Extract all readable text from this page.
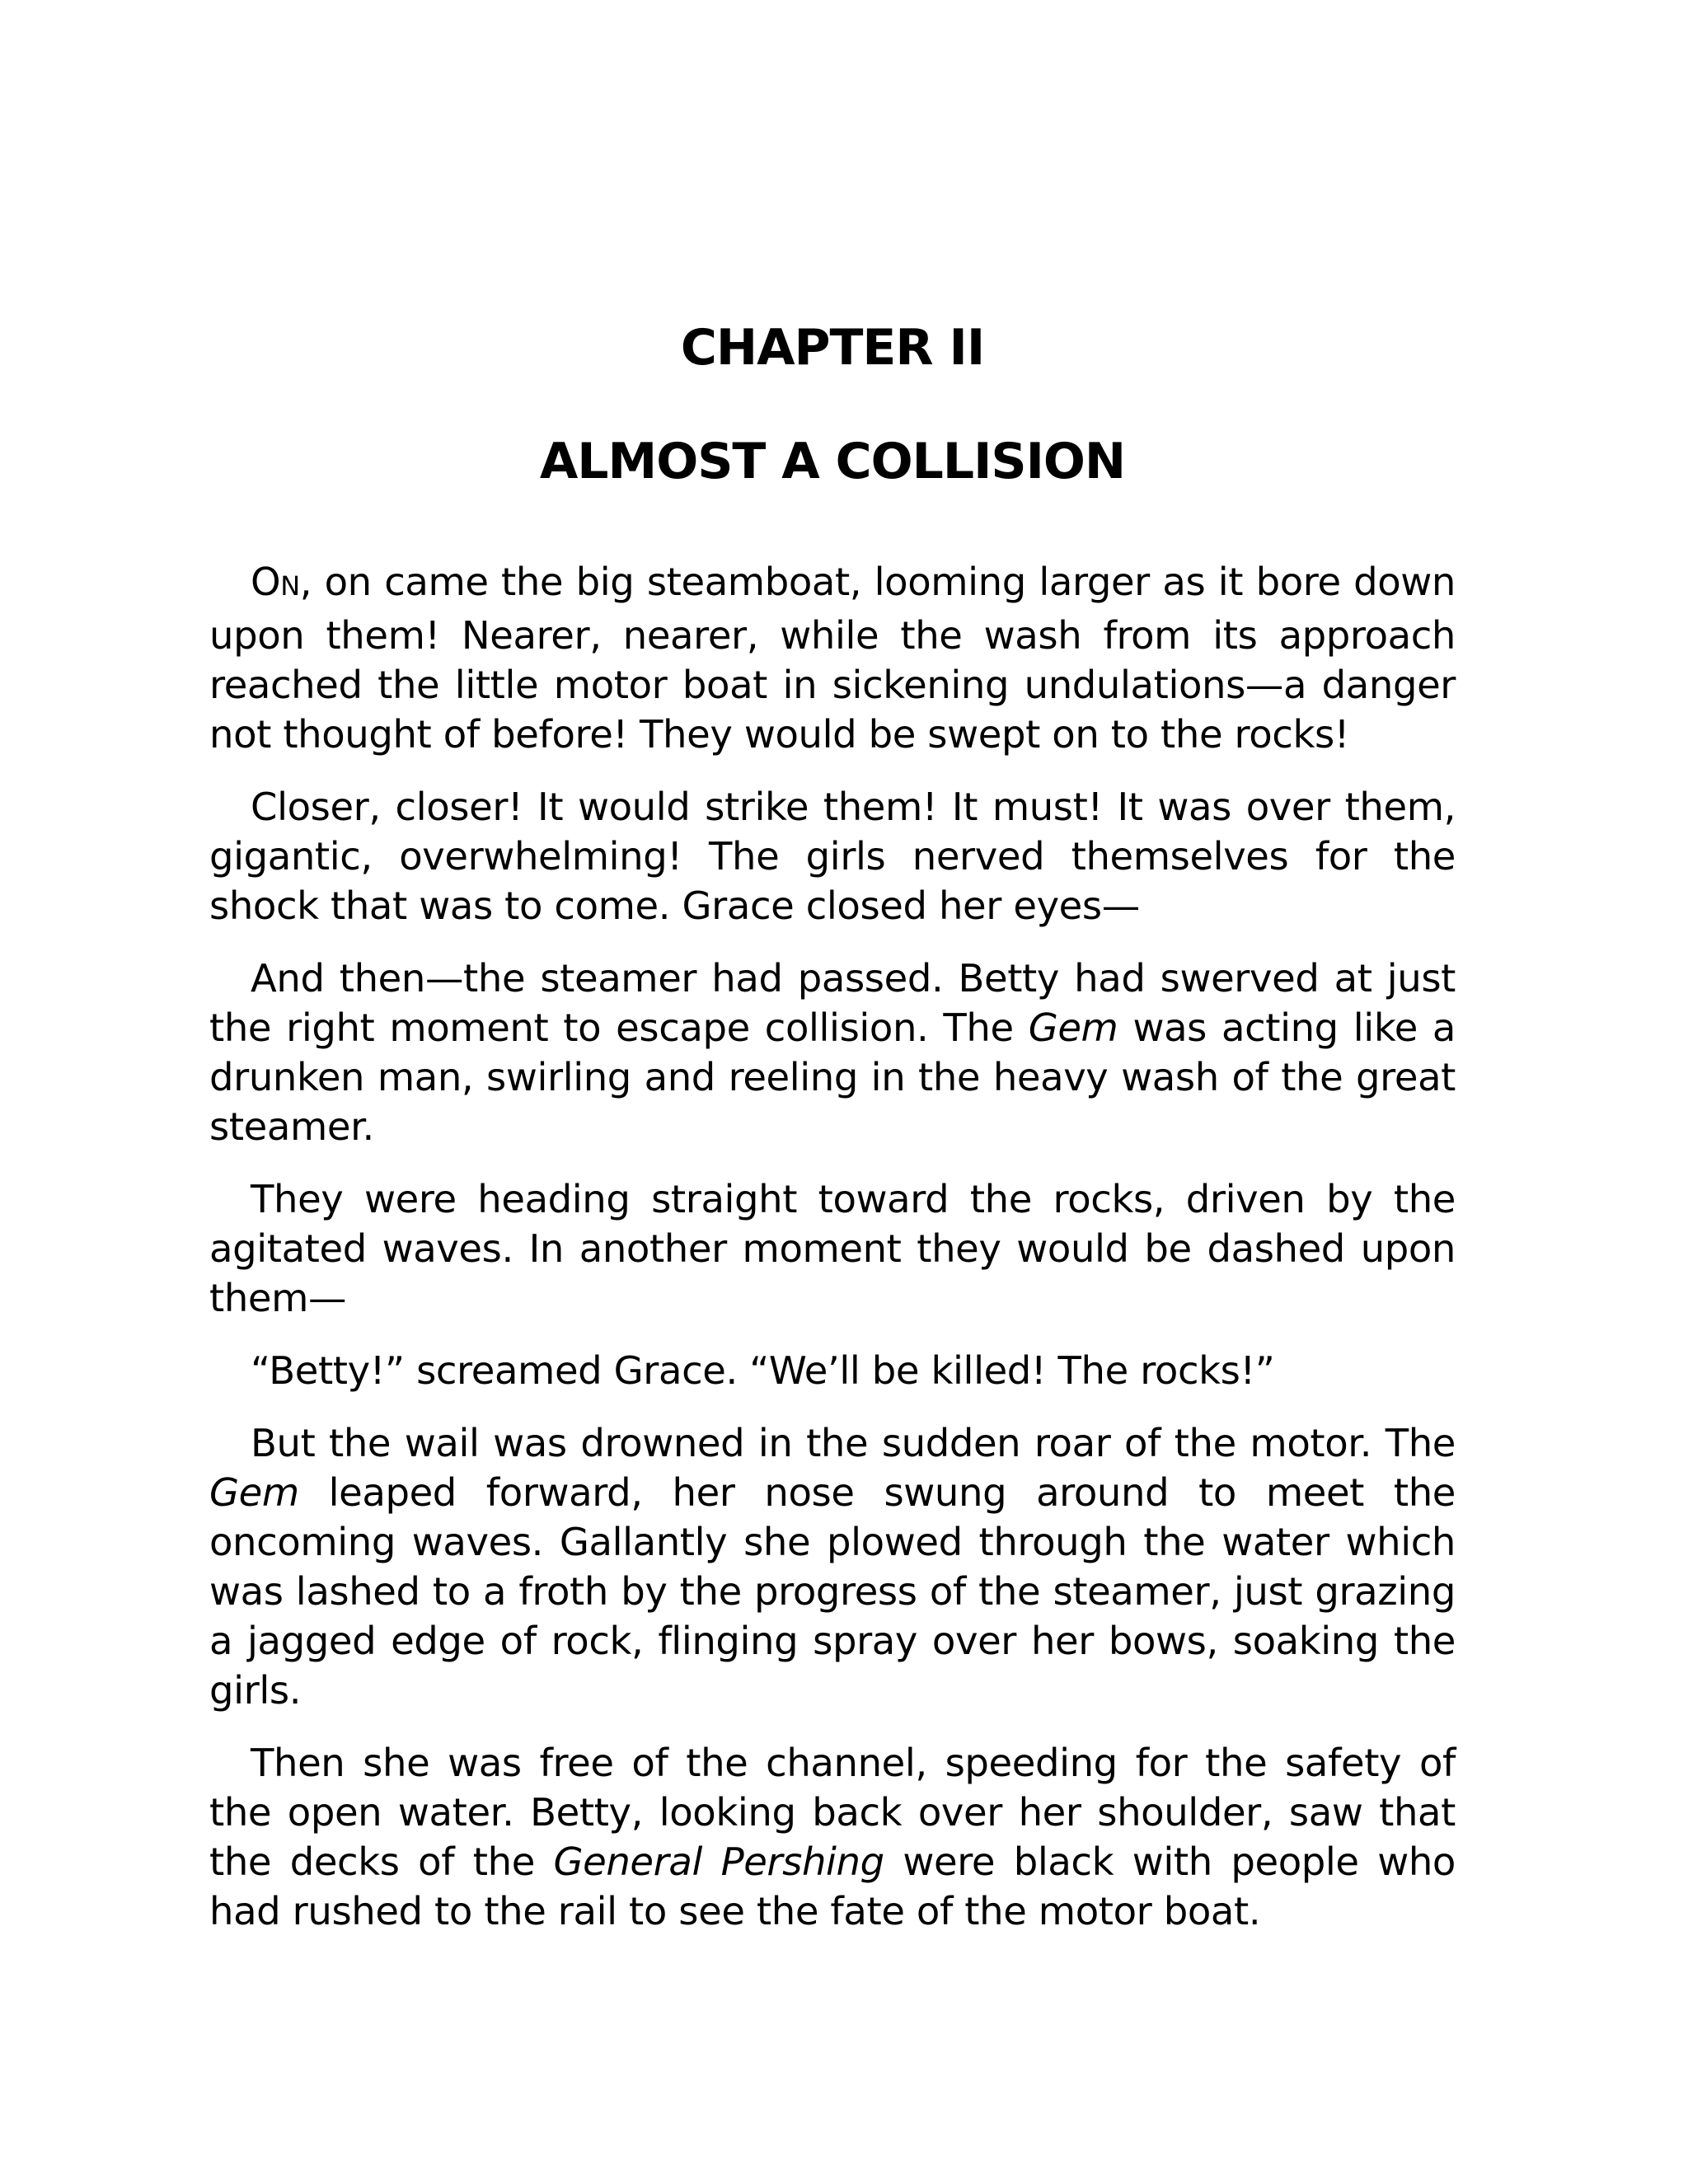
CHAPTER II
ALMOST A COLLISION

ON, on came the big steamboat, looming larger as it bore down upon them! Nearer, nearer, while the wash from its approach reached the little motor boat in sickening undulations—a danger not thought of before! They would be swept on to the rocks!

Closer, closer! It would strike them! It must! It was over them, gigantic, overwhelming! The girls nerved themselves for the shock that was to come. Grace closed her eyes—

And then—the steamer had passed. Betty had swerved at just the right moment to escape collision. The Gem was acting like a drunken man, swirling and reeling in the heavy wash of the great steamer.

They were heading straight toward the rocks, driven by the agitated waves. In another moment they would be dashed upon them—

“Betty!” screamed Grace. “We’ll be killed! The rocks!”

But the wail was drowned in the sudden roar of the motor. The Gem leaped forward, her nose swung around to meet the oncoming waves. Gallantly she plowed through the water which was lashed to a froth by the progress of the steamer, just grazing a jagged edge of rock, flinging spray over her bows, soaking the girls.

Then she was free of the channel, speeding for the safety of the open water. Betty, looking back over her shoulder, saw that the decks of the General Pershing were black with people who had rushed to the rail to see the fate of the motor boat.
